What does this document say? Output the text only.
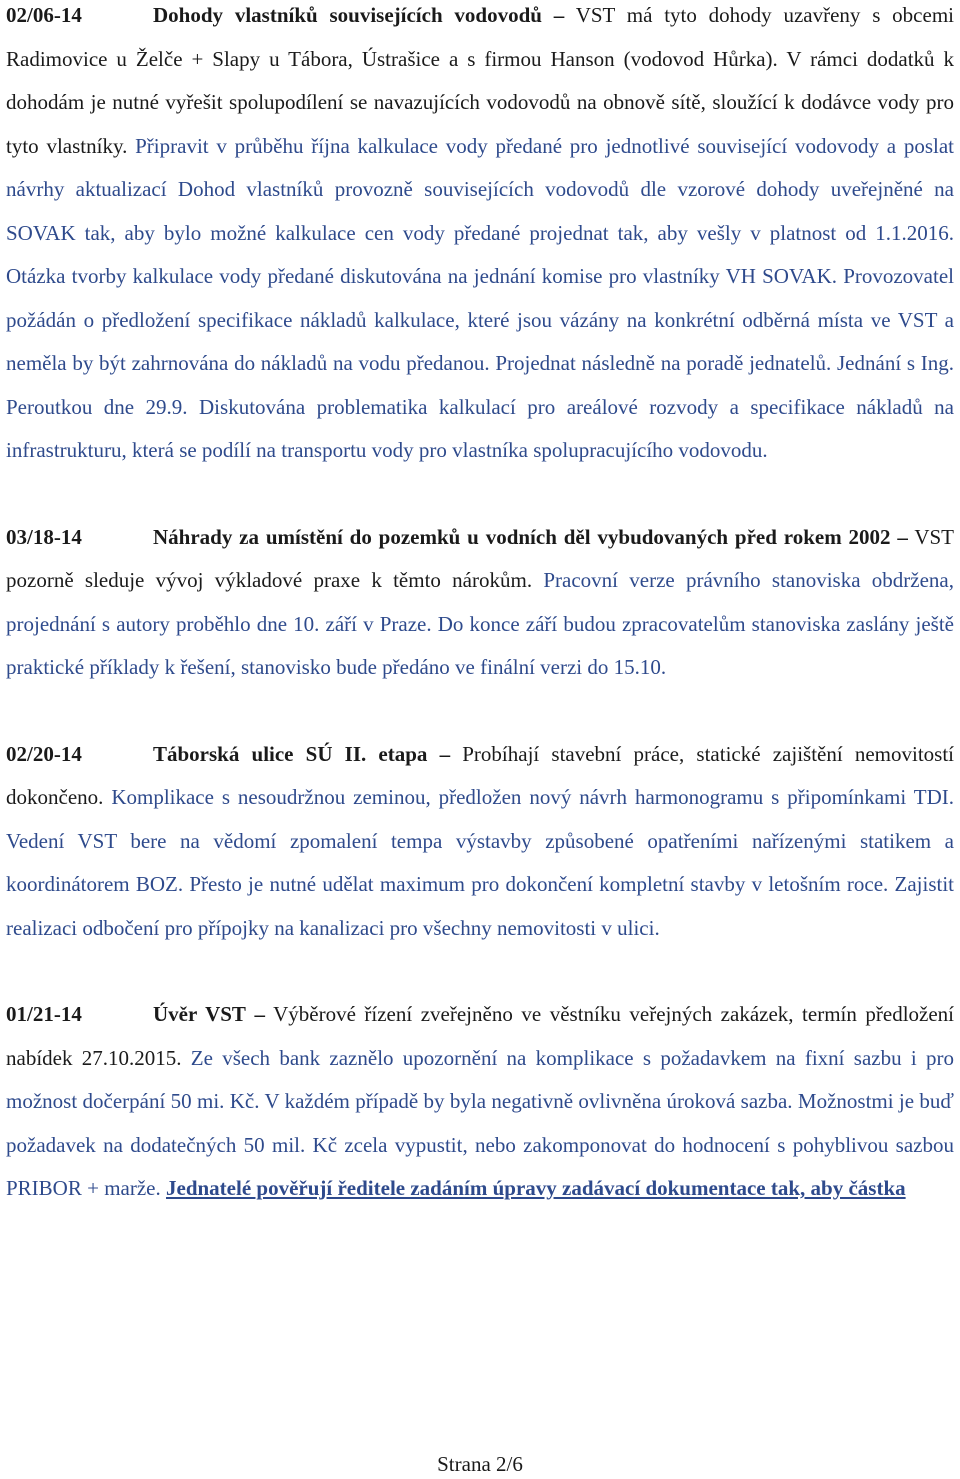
02/06-14	Dohody vlastníků souvisejících vodovodů – VST má tyto dohody uzavřeny s obcemi Radimovice u Želče + Slapy u Tábora, Ústrašice a s firmou Hanson (vodovod Hůrka). V rámci dodatků k dohodám je nutné vyřešit spolupodílení se navazujících vodovodů na obnově sítě, sloužící k dodávce vody pro tyto vlastníky. Připravit v průběhu října kalkulace vody předané pro jednotlivé související vodovody a poslat návrhy aktualizací Dohod vlastníků provozně souvisejících vodovodů dle vzorové dohody uveřejněné na SOVAK tak, aby bylo možné kalkulace cen vody předané projednat tak, aby vešly v platnost od 1.1.2016. Otázka tvorby kalkulace vody předané diskutována na jednání komise pro vlastníky VH SOVAK. Provozovatel požádán o předložení specifikace nákladů kalkulace, které jsou vázány na konkrétní odběrná místa ve VST a neměla by být zahrnována do nákladů na vodu předanou. Projednat následně na poradě jednatelů. Jednání s Ing. Peroutkou dne 29.9. Diskutována problematika kalkulací pro areálové rozvody a specifikace nákladů na infrastrukturu, která se podílí na transportu vody pro vlastníka spolupracujícího vodovodu.

03/18-14	Náhrady za umístění do pozemků u vodních děl vybudovaných před rokem 2002 – VST pozorně sleduje vývoj výkladové praxe k těmto nárokům. Pracovní verze právního stanoviska obdržena, projednání s autory proběhlo dne 10. září v Praze. Do konce září budou zpracovatelům stanoviska zaslány ještě praktické příklady k řešení, stanovisko bude předáno ve finální verzi do 15.10.

02/20-14	Táborská ulice SÚ II. etapa – Probíhají stavební práce, statické zajištění nemovitostí dokončeno. Komplikace s nesoudržnou zeminou, předložen nový návrh harmonogramu s připomínkami TDI. Vedení VST bere na vědomí zpomalení tempa výstavby způsobené opatřeními nařízenými statikem a koordinátorem BOZ. Přesto je nutné udělat maximum pro dokončení kompletní stavby v letošním roce. Zajistit realizaci odbočení pro přípojky na kanalizaci pro všechny nemovitosti v ulici.

01/21-14	Úvěr VST – Výběrové řízení zveřejněno ve věstníku veřejných zakázek, termín předložení nabídek 27.10.2015. Ze všech bank zaznělo upozornění na komplikace s požadavkem na fixní sazbu i pro možnost dočerpání 50 mi. Kč. V každém případě by byla negativně ovlivněna úroková sazba. Možnostmi je buď požadavek na dodatečných 50 mil. Kč zcela vypustit, nebo zakomponovat do hodnocení s pohyblivou sazbou PRIBOR + marže. Jednatelé pověřují ředitele zadáním úpravy zadávací dokumentace tak, aby částka

Strana 2/6
